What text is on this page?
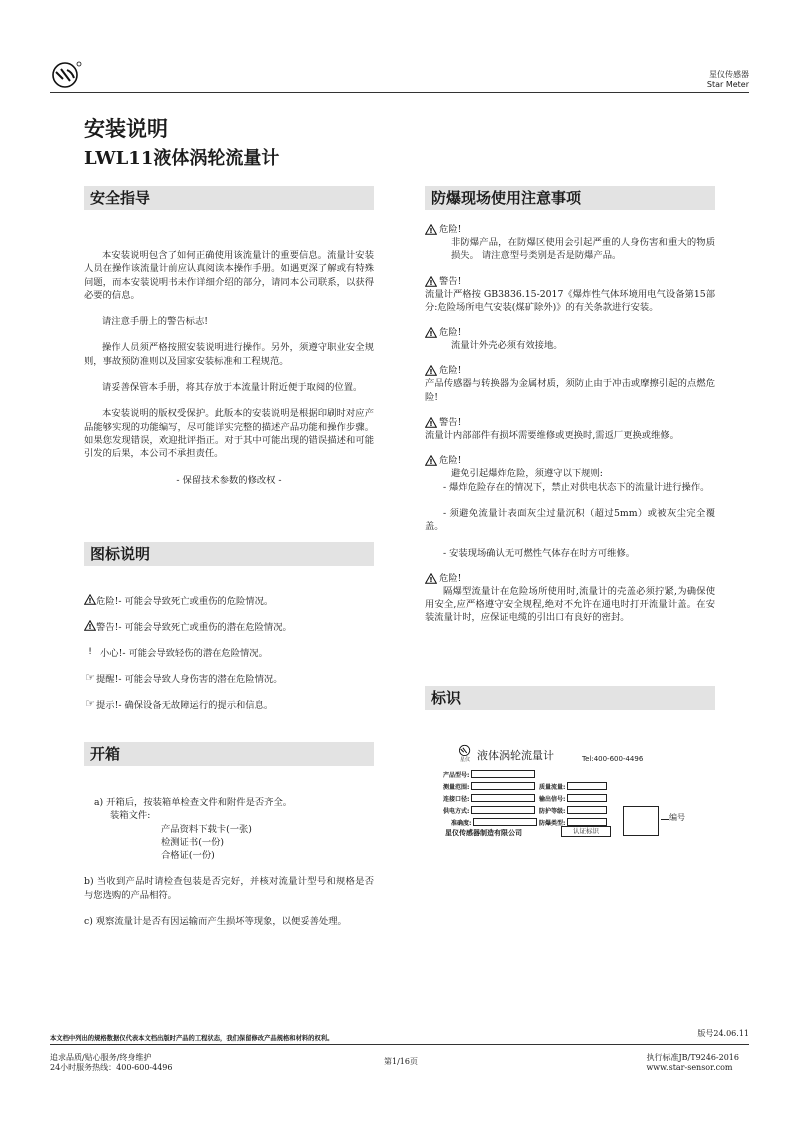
星仪传感器
Star Meter
安装说明
LWL11液体涡轮流量计
安全指导

本安装说明包含了如何正确使用该流量计的重要信息。流量计安装人员在操作该流量计前应认真阅读本操作手册。如遇更深了解或有特殊问题，而本安装说明书未作详细介绍的部分，请同本公司联系，以获得必要的信息。

请注意手册上的警告标志!

操作人员须严格按照安装说明进行操作。另外，须遵守职业安全规则，事故预防准则以及国家安装标准和工程规范。

请妥善保管本手册，将其存放于本流量计附近便于取阅的位置。

本安装说明的版权受保护。此版本的安装说明是根据印刷时对应产品能够实现的功能编写，尽可能详实完整的描述产品功能和操作步骤。如果您发现错误，欢迎批评指正。对于其中可能出现的错误描述和可能引发的后果，本公司不承担责任。

- 保留技术参数的修改权 -

图标说明
! 危险! - 可能会导致死亡或重伤的危险情况。
! 警告! - 可能会导致死亡或重伤的潜在危险情况。
! 小心! - 可能会导致轻伤的潜在危险情况。
☞ 提醒! - 可能会导致人身伤害的潜在危险情况。
☞ 提示! - 确保设备无故障运行的提示和信息。
开箱

a) 开箱后，按装箱单检查文件和附件是否齐全。

装箱文件:

产品资料下载卡(一张)

检测证书(一份)

合格证(一份)

b) 当收到产品时请检查包装是否完好，并核对流量计型号和规格是否与您选购的产品相符。

c) 观察流量计是否有因运输而产生损坏等现象，以便妥善处理。

防爆现场使用注意事项
! 危险!

非防爆产品，在防爆区使用会引起严重的人身伤害和重大的物质损失。 请注意型号类别是否是防爆产品。

! 警告!

流量计严格按 GB3836.15-2017《爆炸性气体环境用电气设备第15部分:危险场所电气安装(煤矿除外)》的有关条款进行安装。

! 危险!

流量计外壳必须有效接地。

! 危险!

产品传感器与转换器为金属材质，须防止由于冲击或摩擦引起的点燃危险!

! 警告!

流量计内部部件有损坏需要维修或更换时,需返厂更换或维修。

! 危险!

避免引起爆炸危险，须遵守以下规则:

- 爆炸危险存在的情况下，禁止对供电状态下的流量计进行操作。

- 须避免流量计表面灰尘过量沉积（超过5mm）或被灰尘完全覆盖。

- 安装现场确认无可燃性气体存在时方可维修。

! 危险!

隔爆型流量计在危险场所使用时,流量计的壳盖必须拧紧,为确保使用安全,应严格遵守安全规程,绝对不允许在通电时打开流量计盖。在安装流量计时，应保证电缆的引出口有良好的密封。

标识
星仪 液体涡轮流量计	Tel:400-600-4496
产品型号:
测量范围:
连接口径:
供电方式:
准确度:
质量流量:
输出信号:
防护等级:
防爆类型:
编号
星仪传感器制造有限公司	认证标识
本文档中列出的规格数据仅代表本文档出版时产品的工程状态，我们保留修改产品规格和材料的权利。
版号24.06.11
追求品质/贴心服务/终身维护
24小时服务热线：400-600-4496
第1/16页	执行标准JB/T9246-2016
www.star-sensor.com
